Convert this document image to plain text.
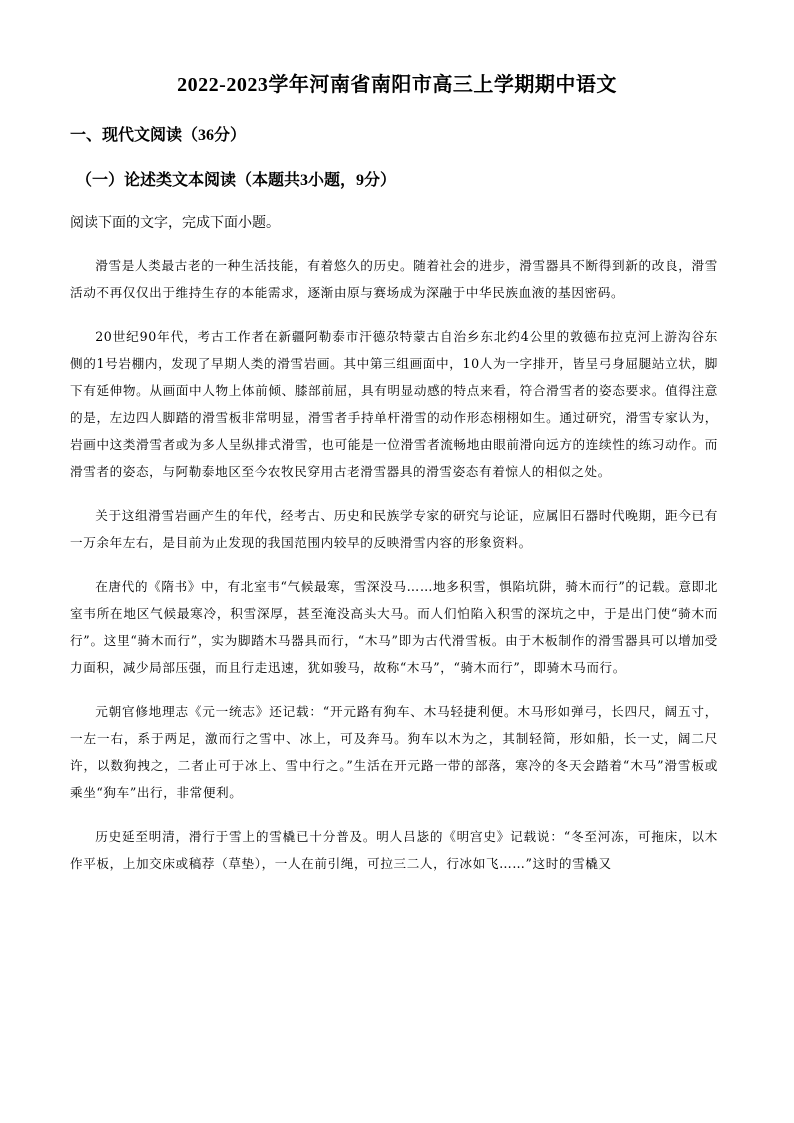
2022-2023学年河南省南阳市高三上学期期中语文
一、现代文阅读（36分）
（一）论述类文本阅读（本题共3小题，9分）
阅读下面的文字，完成下面小题。

滑雪是人类最古老的一种生活技能，有着悠久的历史。随着社会的进步，滑雪器具不断得到新的改良，滑雪活动不再仅仅出于维持生存的本能需求，逐渐由原与赛场成为深融于中华民族血液的基因密码。

20世纪90年代，考古工作者在新疆阿勒泰市汗德尕特蒙古自治乡东北约4公里的敦德布拉克河上游沟谷东侧的1号岩棚内，发现了早期人类的滑雪岩画。其中第三组画面中，10人为一字排开，皆呈弓身屈腿站立状，脚下有延伸物。从画面中人物上体前倾、膝部前屈，具有明显动感的特点来看，符合滑雪者的姿态要求。值得注意的是，左边四人脚踏的滑雪板非常明显，滑雪者手持单杆滑雪的动作形态栩栩如生。通过研究，滑雪专家认为，岩画中这类滑雪者或为多人呈纵排式滑雪，也可能是一位滑雪者流畅地由眼前滑向远方的连续性的练习动作。而滑雪者的姿态，与阿勒泰地区至今农牧民穿用古老滑雪器具的滑雪姿态有着惊人的相似之处。

关于这组滑雪岩画产生的年代，经考古、历史和民族学专家的研究与论证，应属旧石器时代晚期，距今已有一万余年左右，是目前为止发现的我国范围内较早的反映滑雪内容的形象资料。

在唐代的《隋书》中，有北室韦“气候最寒，雪深没马……地多积雪，惧陷坑阱，骑木而行”的记载。意即北室韦所在地区气候最寒冷，积雪深厚，甚至淹没高头大马。而人们怕陷入积雪的深坑之中，于是出门使“骑木而行”。这里“骑木而行”，实为脚踏木马器具而行，“木马”即为古代滑雪板。由于木板制作的滑雪器具可以增加受力面积，减少局部压强，而且行走迅速，犹如骏马，故称“木马”，“骑木而行”，即骑木马而行。

元朝官修地理志《元一统志》还记载：“开元路有狗车、木马轻捷利便。木马形如弹弓，长四尺，阔五寸，一左一右，系于两足，激而行之雪中、冰上，可及奔马。狗车以木为之，其制轻简，形如船，长一丈，阔二尺许，以数狗拽之，二者止可于冰上、雪中行之。”生活在开元路一带的部落，寒冷的冬天会踏着“木马”滑雪板或乘坐“狗车”出行，非常便利。

历史延至明清，滑行于雪上的雪橇已十分普及。明人吕毖的《明宫史》记载说：“冬至河冻，可拖床，以木作平板，上加交床或稿荐（草垫），一人在前引绳，可拉三二人，行冰如飞……”这时的雪橇又
